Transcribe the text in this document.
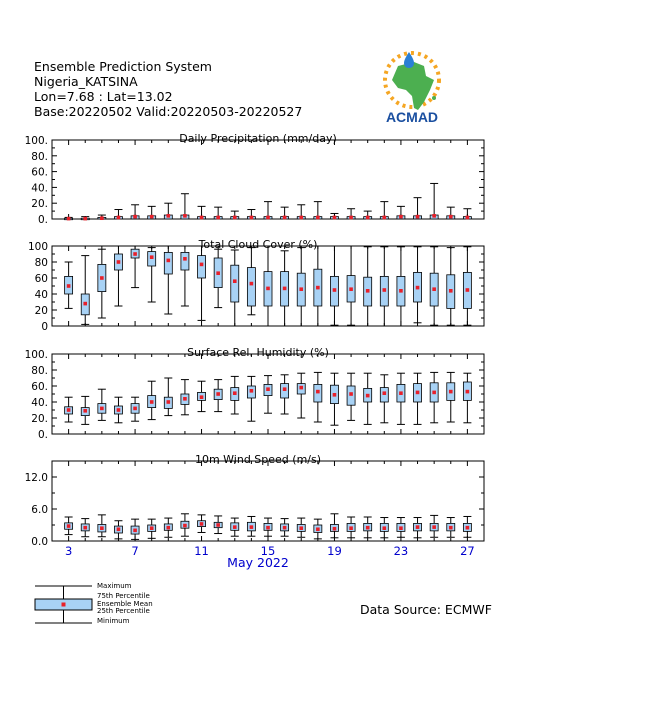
Ensemble Prediction System
Nigeria_KATSINA
Lon=7.68 : Lat=13.02
Base:20220502 Valid:20220503-20220527	ACMAD
Daily Precipitation (mm/day)
0.
20.
40.
60.
80.
100.
Total Cloud Cover (%)
0
20
40
60
80
100
Surface Rel. Humidity (%)
0.
20.
40.
60.
80.
100.
10m Wind Speed (m/s)
0.0
6.0
12.0
3	7	11	15	19	23	27
May 2022
Data Source: ECMWF
Maximum
75th Percentile
Ensemble Mean
25th Percentile
Minimum
